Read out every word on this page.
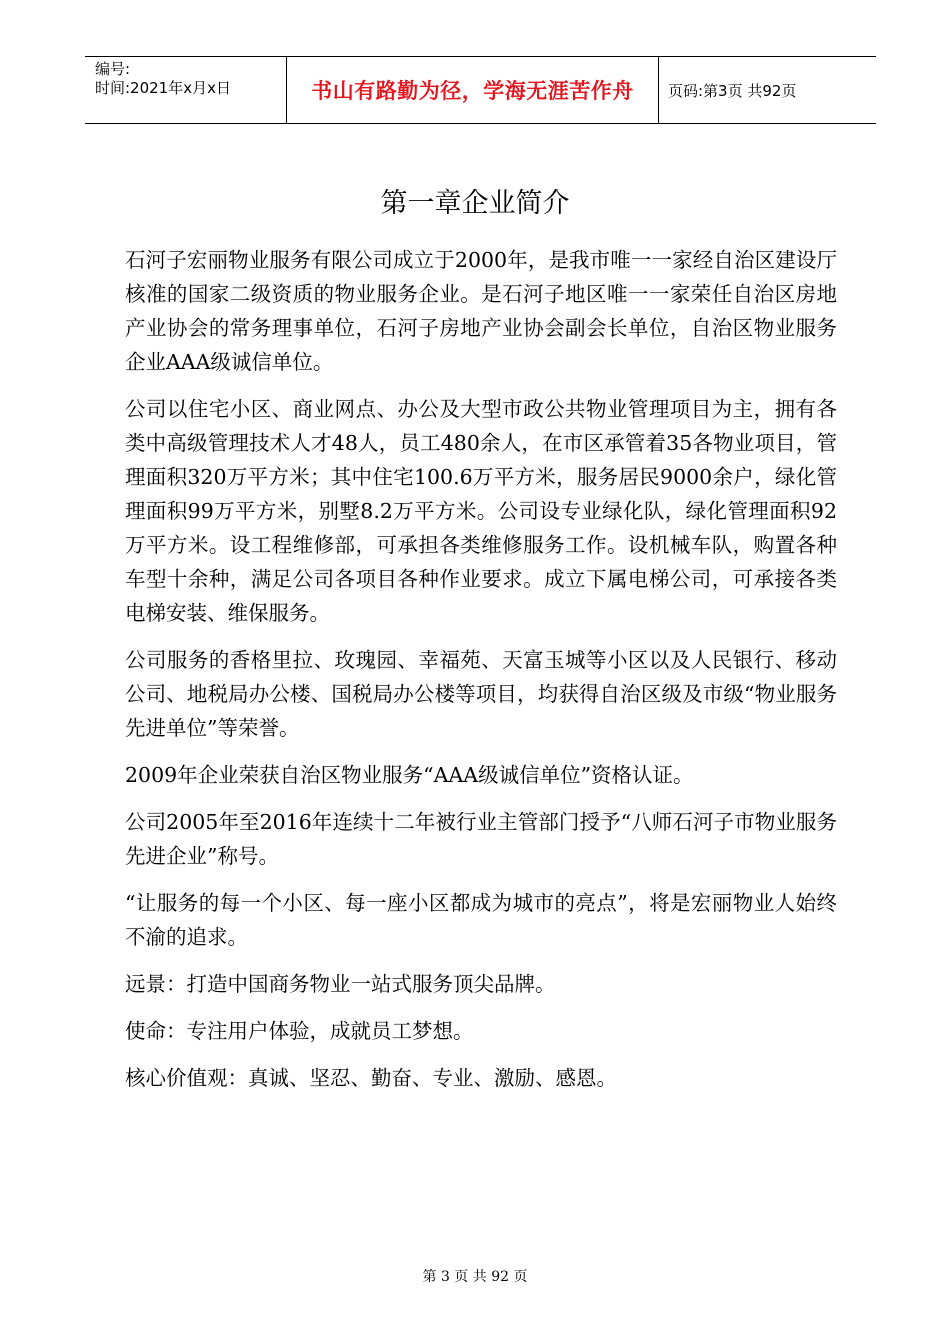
编号:
时间:2021年x月x日	书山有路勤为径，学海无涯苦作舟	页码:第3页 共92页
第一章企业简介

石河子宏丽物业服务有限公司成立于2000年，是我市唯一一家经自治区建设厅核准的国家二级资质的物业服务企业。是石河子地区唯一一家荣任自治区房地产业协会的常务理事单位，石河子房地产业协会副会长单位，自治区物业服务企业AAA级诚信单位。

公司以住宅小区、商业网点、办公及大型市政公共物业管理项目为主，拥有各类中高级管理技术人才48人，员工480余人，在市区承管着35各物业项目，管理面积320万平方米；其中住宅100.6万平方米，服务居民9000余户，绿化管理面积99万平方米，别墅8.2万平方米。公司设专业绿化队，绿化管理面积92万平方米。设工程维修部，可承担各类维修服务工作。设机械车队，购置各种车型十余种，满足公司各项目各种作业要求。成立下属电梯公司，可承接各类电梯安装、维保服务。

公司服务的香格里拉、玫瑰园、幸福苑、天富玉城等小区以及人民银行、移动公司、地税局办公楼、国税局办公楼等项目，均获得自治区级及市级“物业服务先进单位”等荣誉。

2009年企业荣获自治区物业服务“AAA级诚信单位”资格认证。

公司2005年至2016年连续十二年被行业主管部门授予“八师石河子市物业服务先进企业”称号。

“让服务的每一个小区、每一座小区都成为城市的亮点”，将是宏丽物业人始终不渝的追求。

远景：打造中国商务物业一站式服务顶尖品牌。

使命：专注用户体验，成就员工梦想。

核心价值观：真诚、坚忍、勤奋、专业、激励、感恩。

第 3 页 共 92 页
